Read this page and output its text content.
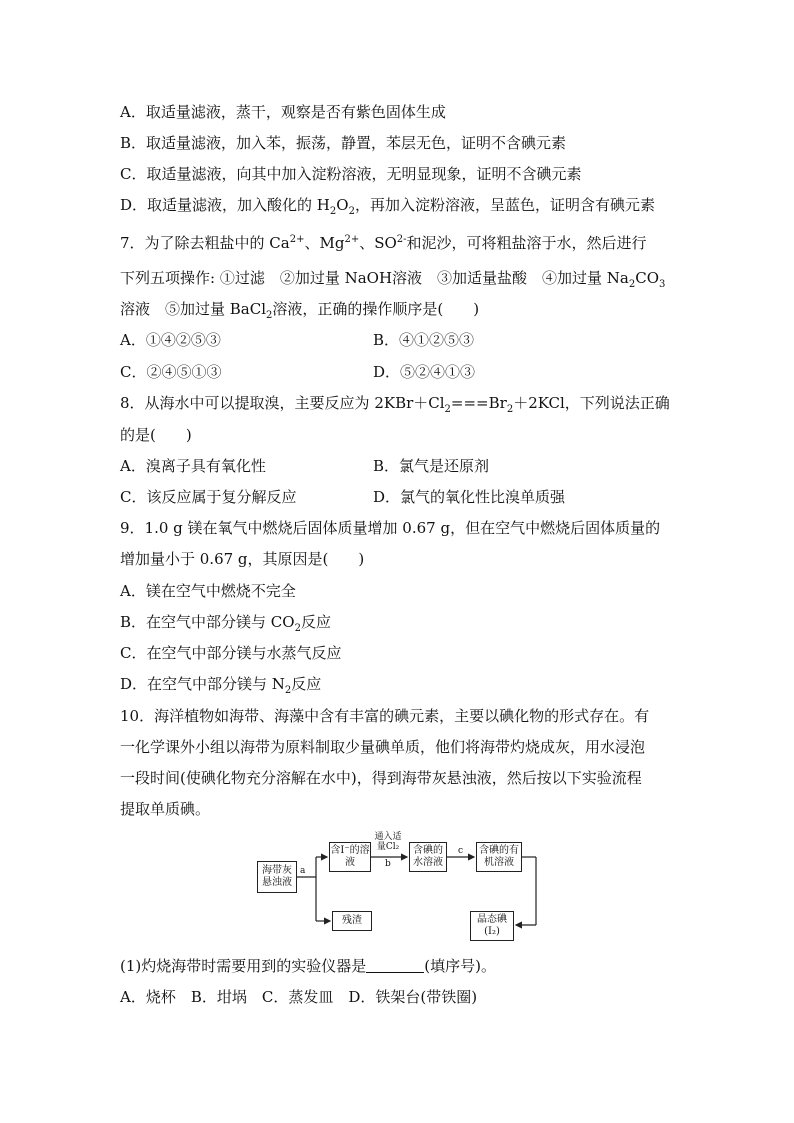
A．取适量滤液，蒸干，观察是否有紫色固体生成
B．取适量滤液，加入苯，振荡，静置，苯层无色，证明不含碘元素
C．取适量滤液，向其中加入淀粉溶液，无明显现象，证明不含碘元素
D．取适量滤液，加入酸化的 $H_2O_2$，再加入淀粉溶液，呈蓝色，证明含有碘元素
7．为了除去粗盐中的 $Ca^{2+}$、$Mg^{2+}$、$SO^{2-}$和泥沙，可将粗盐溶于水，然后进行
下列五项操作: ①过滤　②加过量 NaOH溶液　③加适量盐酸　④加过量 $Na_2CO_3$
溶液　⑤加过量 BaCl$_2$溶液，正确的操作顺序是(　　)
A．①④②⑤③	B．④①②⑤③
C．②④⑤①③	D．⑤②④①③
8．从海水中可以提取溴，主要反应为 $2KBr+Cl_2===Br_2+2KCl$，下列说法正确
的是(　　)
A．溴离子具有氧化性	B．氯气是还原剂
C．该反应属于复分解反应	D．氯气的氧化性比溴单质强
9．1.0 g 镁在氧气中燃烧后固体质量增加 0.67 g，但在空气中燃烧后固体质量的
增加量小于 0.67 g，其原因是(　　)
A．镁在空气中燃烧不完全
B．在空气中部分镁与 $CO_2$反应
C．在空气中部分镁与水蒸气反应
D．在空气中部分镁与 $N_2$反应
10．海洋植物如海带、海藻中含有丰富的碘元素，主要以碘化物的形式存在。有
一化学课外小组以海带为原料制取少量碘单质，他们将海带灼烧成灰，用水浸泡
一段时间(使碘化物充分溶解在水中)，得到海带灰悬浊液，然后按以下实验流程
提取单质碘。
海带灰悬浊液
含I⁻的溶液
含碘的水溶液
含碘的有机溶液
残渣	晶态碘(I₂)
a
通入适量Cl₂
b
c
(1)灼烧海带时需要用到的实验仪器是	(填序号)。
A．烧杯　B．坩埚　C．蒸发皿　D．铁架台(带铁圈)
